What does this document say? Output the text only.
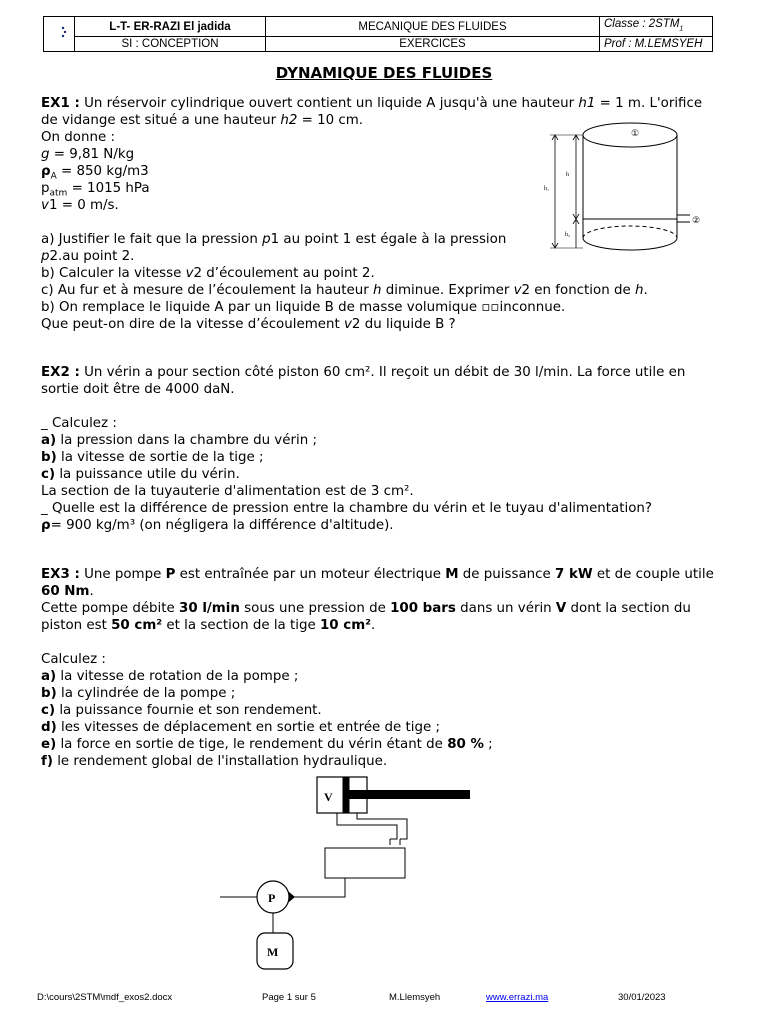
	L-T- ER-RAZI El jadida	MECANIQUE DES FLUIDES	Classe : $2STM_1$
	SI : CONCEPTION	EXERCICES	Prof : M.LEMSYEH
DYNAMIQUE DES FLUIDES
EX1 : Un réservoir cylindrique ouvert contient un liquide A jusqu'à une hauteur h1 = 1 m. L'orifice
de vidange est situé a une hauteur h2 = 10 cm.
On donne :
g = 9,81 N/kg
$\rho_A = 850$ kg/m3
$p_{atm} = 1015$ hPa
v1 = 0 m/s.
a) Justifier le fait que la pression p1 au point 1 est égale à la pression
p2.au point 2.
b) Calculer la vitesse v2 d’écoulement au point 2.
c) Au fur et à mesure de l’écoulement la hauteur h diminue. Exprimer v2 en fonction de h.
b) On remplace le liquide A par un liquide B de masse volumique ▫▫inconnue.
Que peut-on dire de la vitesse d’écoulement v2 du liquide B ?
②
①
h₁
h
h₂
EX2 : Un vérin a pour section côté piston 60 cm². Il reçoit un débit de 30 l/min. La force utile en
sortie doit être de 4000 daN.
_ Calculez :
a) la pression dans la chambre du vérin ;
b) la vitesse de sortie de la tige ;
c) la puissance utile du vérin.
La section de la tuyauterie d'alimentation est de 3 cm².
_ Quelle est la différence de pression entre la chambre du vérin et le tuyau d'alimentation?
ρ= 900 kg/m³ (on négligera la différence d'altitude).
EX3 : Une pompe P est entraînée par un moteur électrique M de puissance 7 kW et de couple utile
60 Nm.
Cette pompe débite 30 l/min sous une pression de 100 bars dans un vérin V dont la section du
piston est 50 cm² et la section de la tige 10 cm².
Calculez :
a) la vitesse de rotation de la pompe ;
b) la cylindrée de la pompe ;
c) la puissance fournie et son rendement.
d) les vitesses de déplacement en sortie et entrée de tige ;
e) la force en sortie de tige, le rendement du vérin étant de 80 % ;
f) le rendement global de l'installation hydraulique.
V
P
M
D:\cours\2STM\mdf_exos2.docx	Page 1 sur 5	M.Llemsyeh	www.errazi.ma	30/01/2023
